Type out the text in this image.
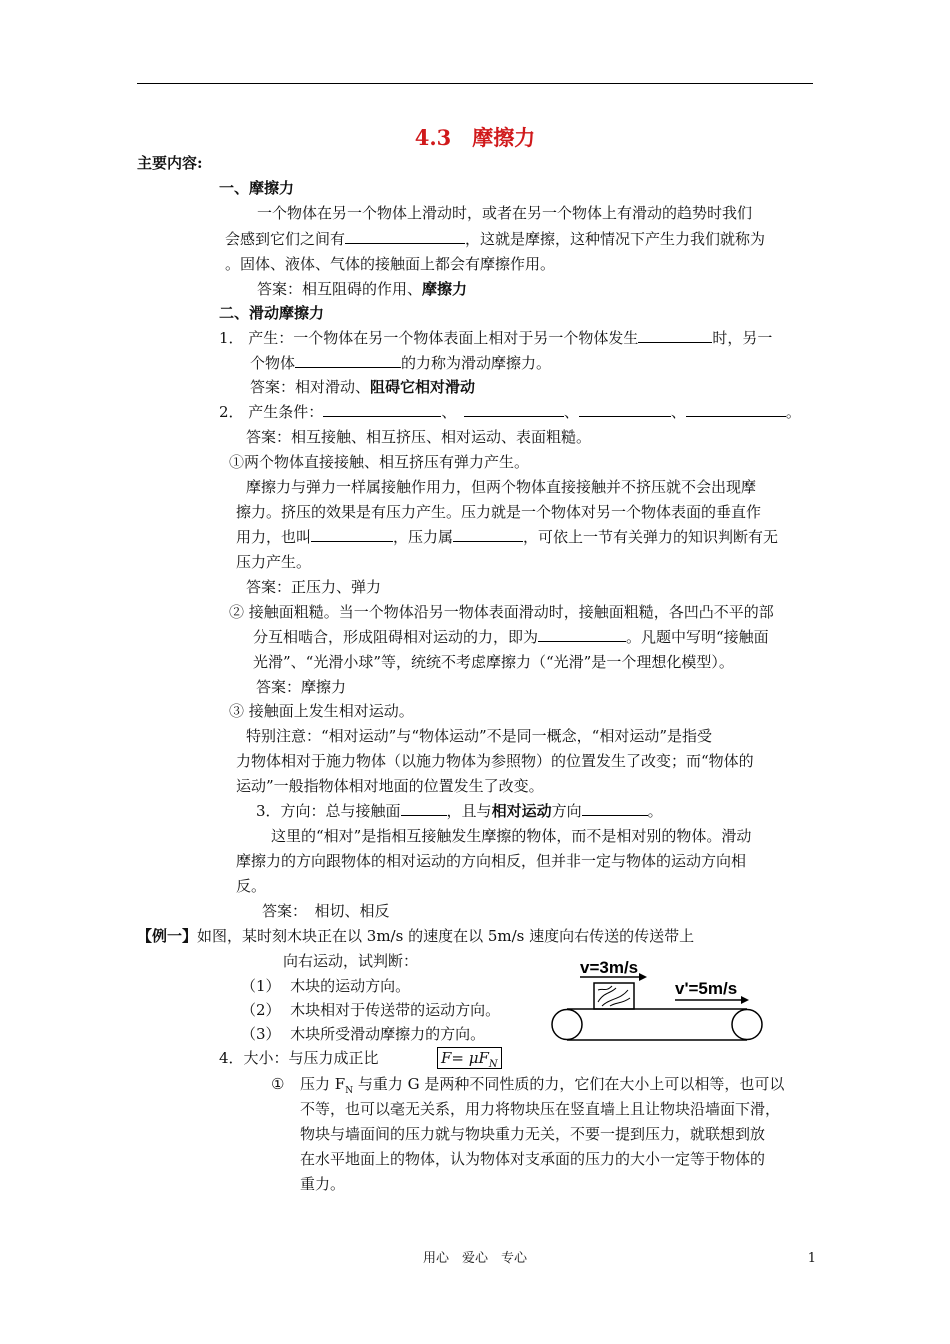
4.3　摩擦力
主要内容:
一、摩擦力
一个物体在另一个物体上滑动时，或者在另一个物体上有滑动的趋势时我们
会感到它们之间有	，这就是摩擦，这种情况下产生力我们就称为
。固体、液体、气体的接触面上都会有摩擦作用。
答案：相互阻碍的作用、摩擦力
二、滑动摩擦力
1． 产生：一个物体在另一个物体表面上相对于另一个物体发生	时，另一
个物体	的力称为滑动摩擦力。
答案：相对滑动、阻碍它相对滑动
2． 产生条件：	、　	、	、	。
答案：相互接触、相互挤压、相对运动、表面粗糙。
①两个物体直接接触、相互挤压有弹力产生。
摩擦力与弹力一样属接触作用力，但两个物体直接接触并不挤压就不会出现摩
擦力。挤压的效果是有压力产生。压力就是一个物体对另一个物体表面的垂直作
用力，也叫	，压力属	，可依上一节有关弹力的知识判断有无
压力产生。
答案：正压力、弹力
② 接触面粗糙。当一个物体沿另一物体表面滑动时，接触面粗糙，各凹凸不平的部
分互相啮合，形成阻碍相对运动的力，即为	。凡题中写明“接触面
光滑”、“光滑小球”等，统统不考虑摩擦力（“光滑”是一个理想化模型）。
答案：摩擦力
③ 接触面上发生相对运动。
特别注意：“相对运动”与“物体运动”不是同一概念，“相对运动”是指受
力物体相对于施力物体（以施力物体为参照物）的位置发生了改变；而“物体的
运动”一般指物体相对地面的位置发生了改变。
3．方向：总与接触面	，且与相对运动方向	。
这里的“相对”是指相互接触发生摩擦的物体，而不是相对别的物体。滑动
摩擦力的方向跟物体的相对运动的方向相反，但并非一定与物体的运动方向相
反。
答案：　相切、相反
【例一】如图，某时刻木块正在以 3m/s 的速度在以 5m/s 速度向右传送的传送带上
向右运动，试判断：
（1） 木块的运动方向。
（2） 木块相对于传送带的运动方向。
（3） 木块所受滑动摩擦力的方向。
v=3m/s
v'=5m/s
4．大小：与压力成正比	$F= \mu F_N$
① 压力 $F_N$ 与重力 G 是两种不同性质的力，它们在大小上可以相等，也可以
不等，也可以毫无关系，用力将物块压在竖直墙上且让物块沿墙面下滑，
物块与墙面间的压力就与物块重力无关，不要一提到压力，就联想到放
在水平地面上的物体，认为物体对支承面的压力的大小一定等于物体的
重力。
用心　爱心　专心	1
